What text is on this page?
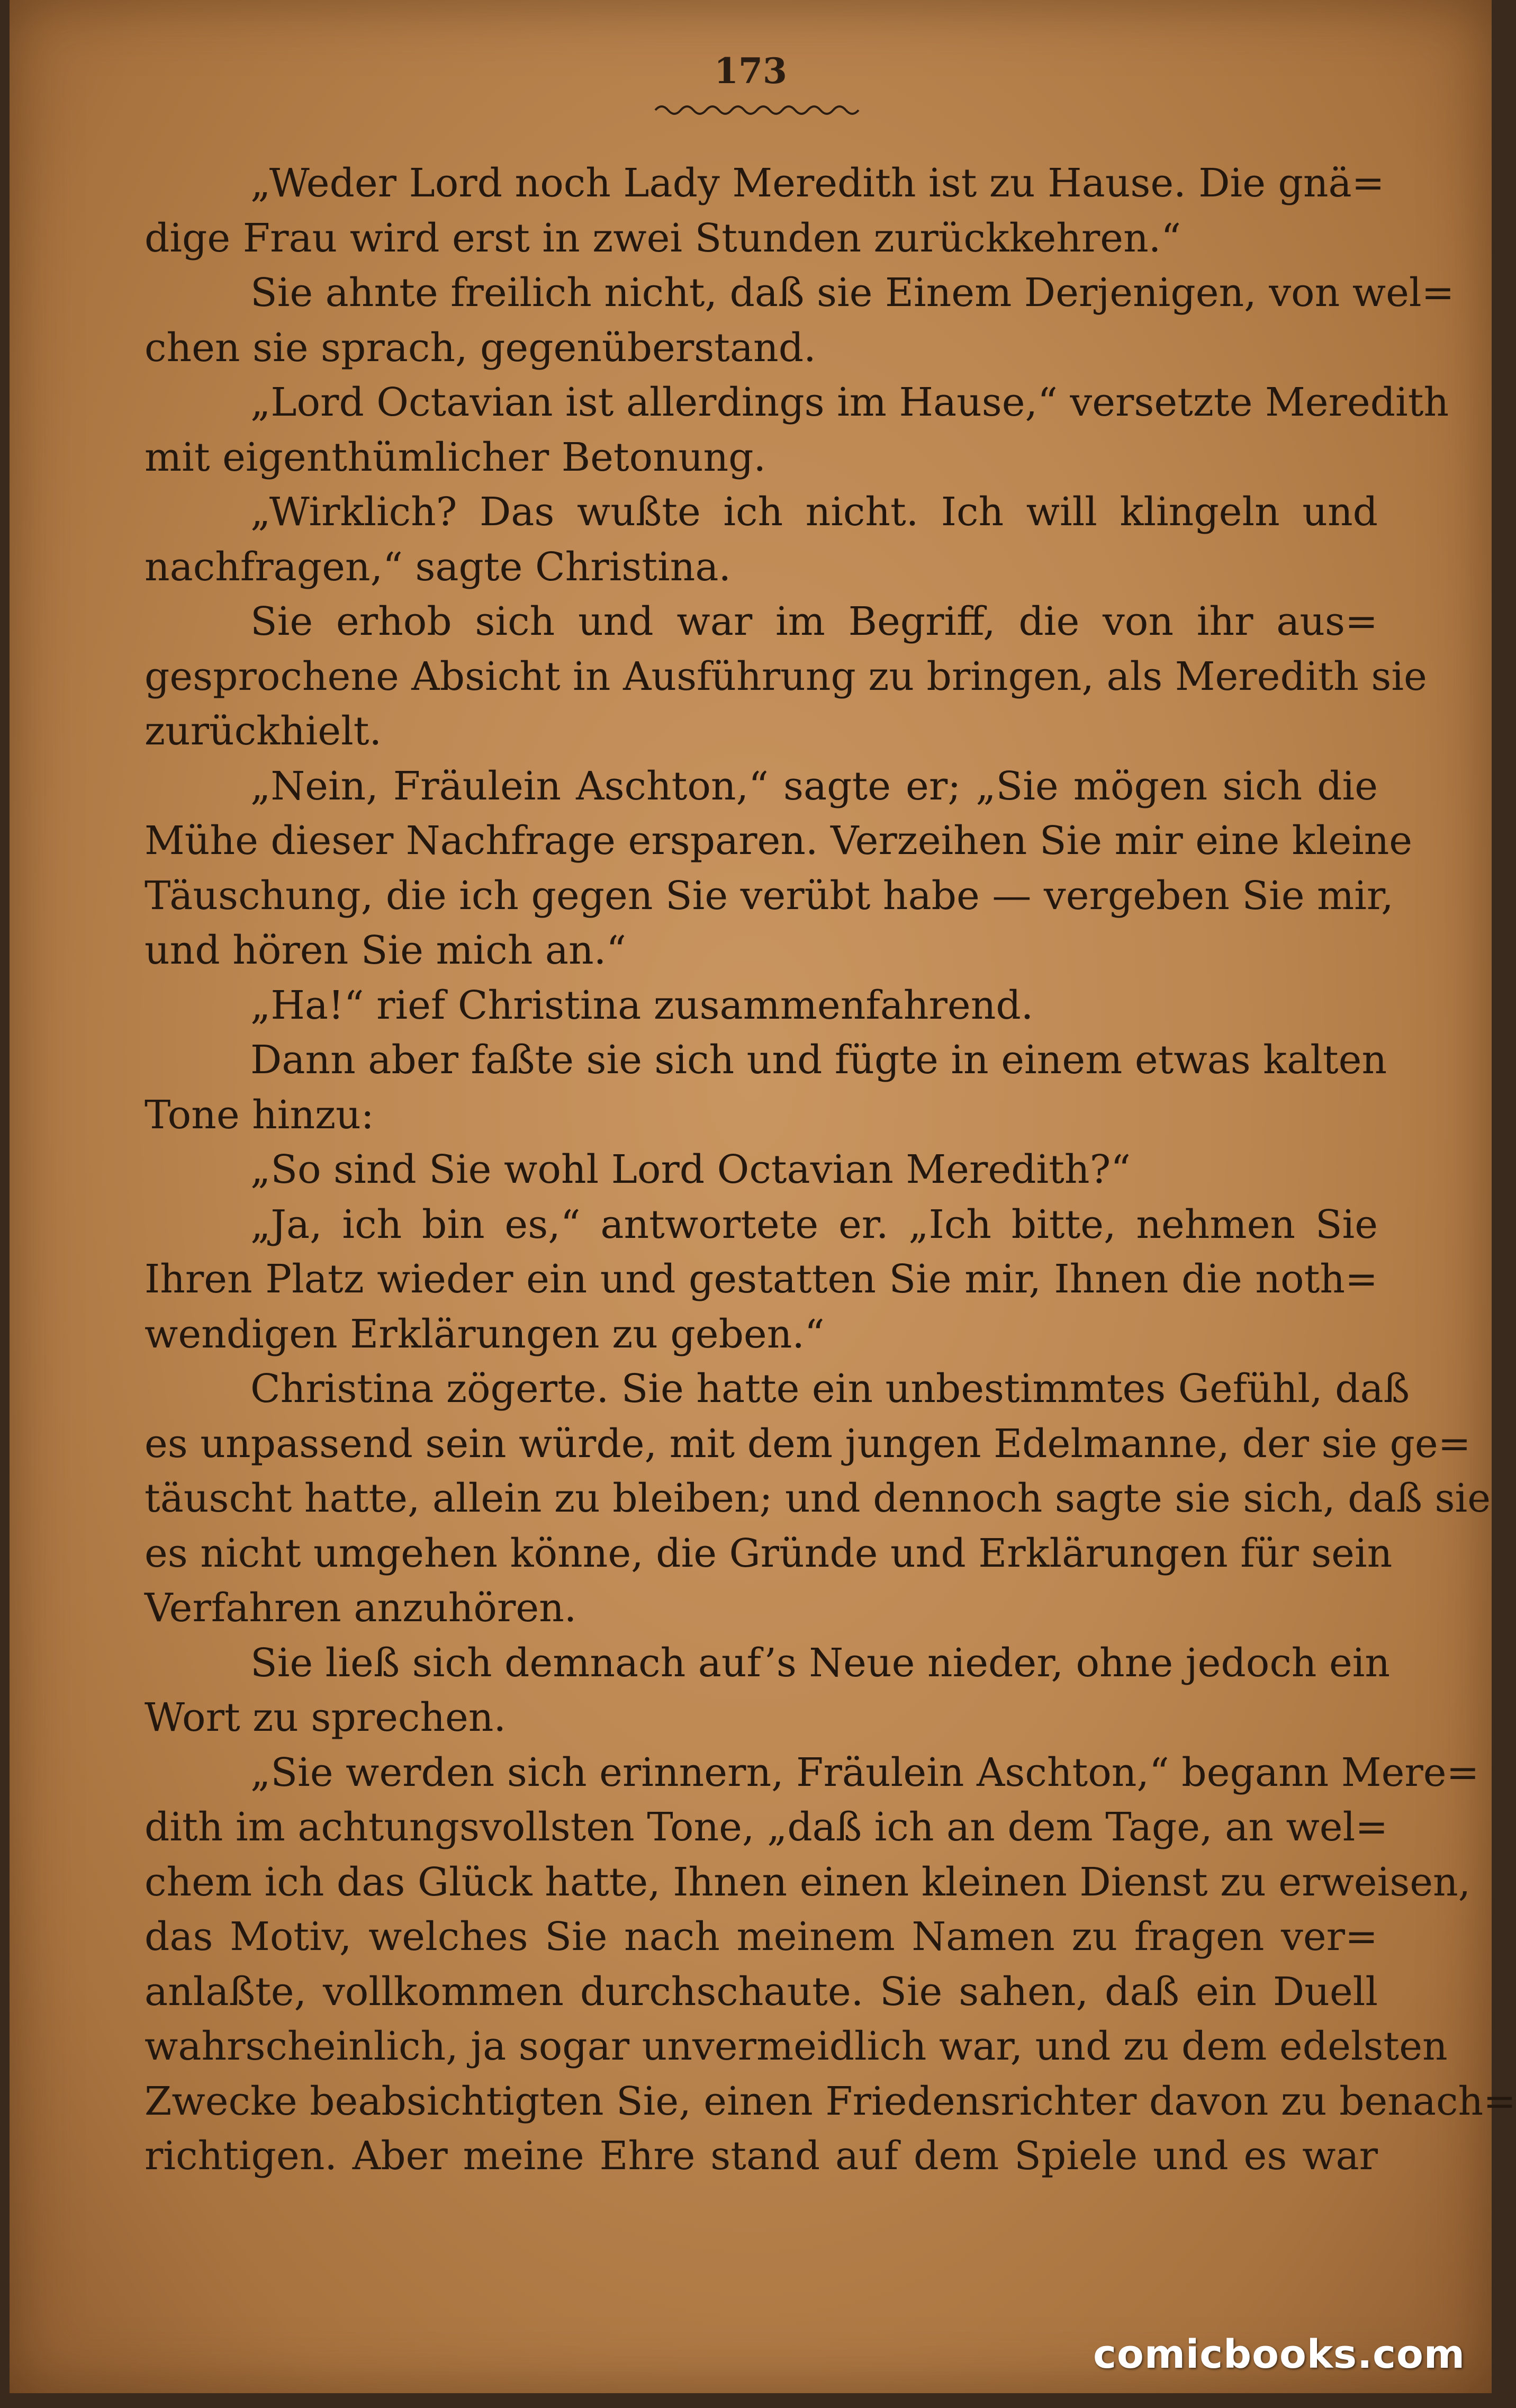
173
„Weder Lord noch Lady Meredith ist zu Hause. Die gnä=
dige Frau wird erst in zwei Stunden zurückkehren.“
Sie ahnte freilich nicht, daß sie Einem Derjenigen, von wel=
chen sie sprach, gegenüberstand.
„Lord Octavian ist allerdings im Hause,“ versetzte Meredith
mit eigenthümlicher Betonung.
„Wirklich? Das wußte ich nicht. Ich will klingeln und
nachfragen,“ sagte Christina.
Sie erhob sich und war im Begriff, die von ihr aus=
gesprochene Absicht in Ausführung zu bringen, als Meredith sie
zurückhielt.
„Nein, Fräulein Aschton,“ sagte er; „Sie mögen sich die
Mühe dieser Nachfrage ersparen. Verzeihen Sie mir eine kleine
Täuschung, die ich gegen Sie verübt habe — vergeben Sie mir,
und hören Sie mich an.“
„Ha!“ rief Christina zusammenfahrend.
Dann aber faßte sie sich und fügte in einem etwas kalten
Tone hinzu:
„So sind Sie wohl Lord Octavian Meredith?“
„Ja, ich bin es,“ antwortete er. „Ich bitte, nehmen Sie
Ihren Platz wieder ein und gestatten Sie mir, Ihnen die noth=
wendigen Erklärungen zu geben.“
Christina zögerte. Sie hatte ein unbestimmtes Gefühl, daß
es unpassend sein würde, mit dem jungen Edelmanne, der sie ge=
täuscht hatte, allein zu bleiben; und dennoch sagte sie sich, daß sie
es nicht umgehen könne, die Gründe und Erklärungen für sein
Verfahren anzuhören.
Sie ließ sich demnach auf’s Neue nieder, ohne jedoch ein
Wort zu sprechen.
„Sie werden sich erinnern, Fräulein Aschton,“ begann Mere=
dith im achtungsvollsten Tone, „daß ich an dem Tage, an wel=
chem ich das Glück hatte, Ihnen einen kleinen Dienst zu erweisen,
das Motiv, welches Sie nach meinem Namen zu fragen ver=
anlaßte, vollkommen durchschaute. Sie sahen, daß ein Duell
wahrscheinlich, ja sogar unvermeidlich war, und zu dem edelsten
Zwecke beabsichtigten Sie, einen Friedensrichter davon zu benach=
richtigen. Aber meine Ehre stand auf dem Spiele und es war
comicbooks.com
